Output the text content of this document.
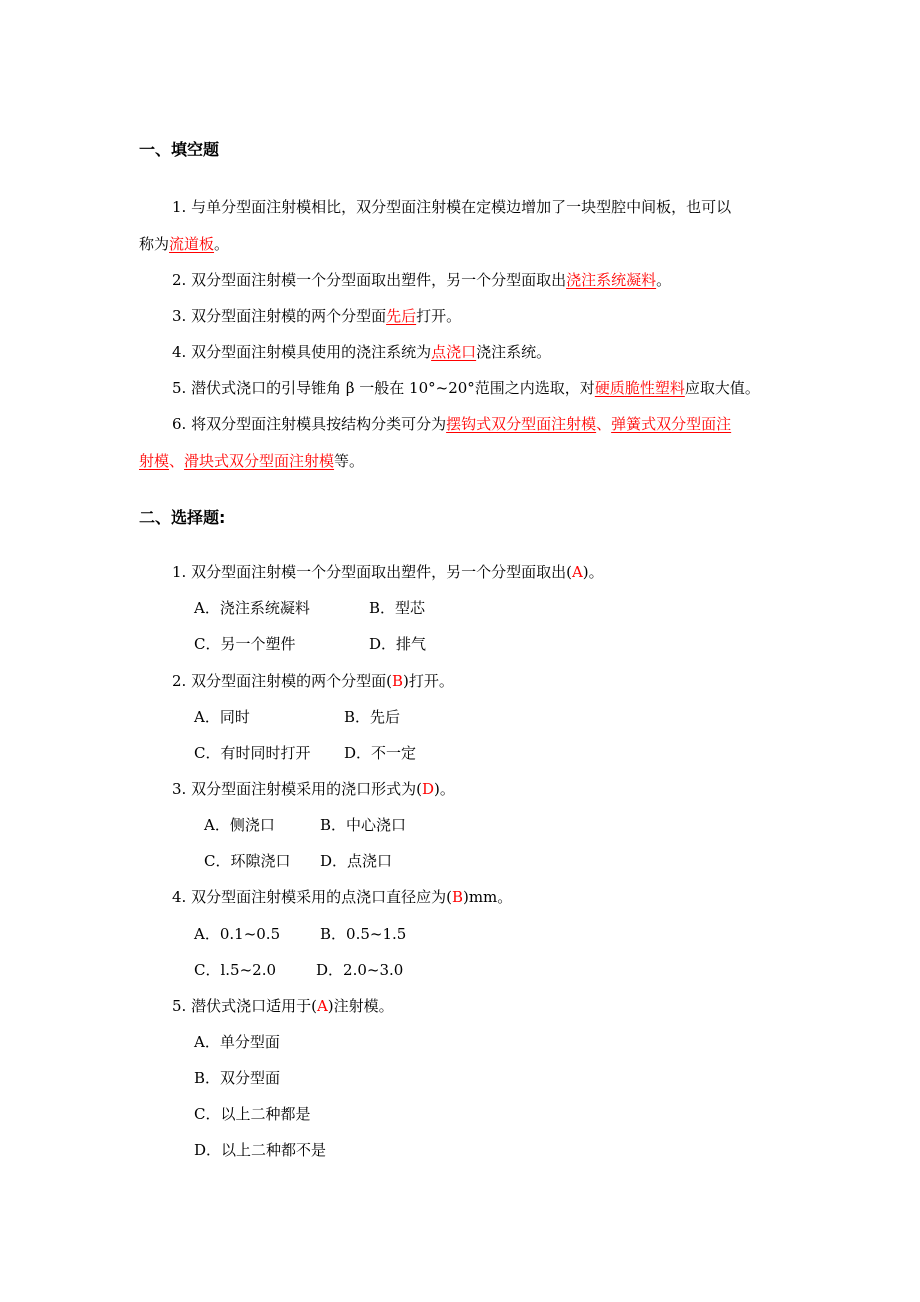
一、填空题
1. 与单分型面注射模相比，双分型面注射模在定模边增加了一块型腔中间板，也可以
称为流道板。
2. 双分型面注射模一个分型面取出塑件，另一个分型面取出浇注系统凝料。
3. 双分型面注射模的两个分型面先后打开。
4. 双分型面注射模具使用的浇注系统为点浇口浇注系统。
5. 潜伏式浇口的引导锥角 β 一般在 10°~20°范围之内选取，对硬质脆性塑料应取大值。
6. 将双分型面注射模具按结构分类可分为摆钩式双分型面注射模、弹簧式双分型面注
射模、滑块式双分型面注射模等。
二、选择题:
1. 双分型面注射模一个分型面取出塑件，另一个分型面取出(A)。
A．浇注系统凝料	B．型芯
C．另一个塑件	D．排气
2. 双分型面注射模的两个分型面(B)打开。
A．同时	B．先后
C．有时同时打开 D．不一定
3. 双分型面注射模采用的浇口形式为(D)。
A．侧浇口	B．中心浇口
C．环隙浇口 D．点浇口
4. 双分型面注射模采用的点浇口直径应为(B)mm。
A．0.1~0.5	B．0.5~1.5
C．l.5~2.0	D．2.0~3.0
5. 潜伏式浇口适用于(A)注射模。
A．单分型面
B．双分型面
C．以上二种都是
D．以上二种都不是
